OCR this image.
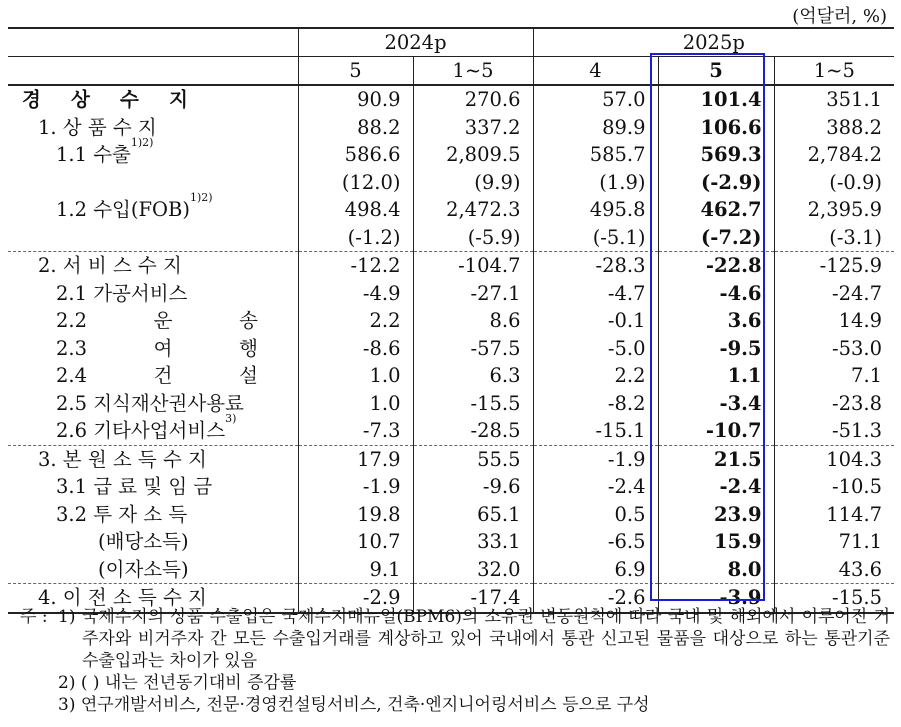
(억달러, %)
	2024p		2025p		
	5	1~5	4	5	1~5
경 상 수 지	90.9	270.6	57.0	101.4	351.1
1. 상 품 수 지	88.2	337.2	89.9	106.6	388.2
1.1 수출$^{1)2)}$	586.6	2,809.5	585.7	569.3	2,784.2
	(12.0)	(9.9)	(1.9)	(-2.9)	(-0.9)
1.2 수입(FOB)$^{1)2)}$	498.4	2,472.3	495.8	462.7	2,395.9
	(-1.2)	(-5.9)	(-5.1)	(-7.2)	(-3.1)
2. 서 비 스 수 지	-12.2	-104.7	-28.3	-22.8	-125.9
2.1 가공서비스	-4.9	-27.1	-4.7	-4.6	-24.7
2.2 운 송	2.2	8.6	-0.1	3.6	14.9
2.3 여 행	-8.6	-57.5	-5.0	-9.5	-53.0
2.4 건 설	1.0	6.3	2.2	1.1	7.1
2.5 지식재산권사용료	1.0	-15.5	-8.2	-3.4	-23.8
2.6 기타사업서비스$^{3)}$	-7.3	-28.5	-15.1	-10.7	-51.3
3. 본 원 소 득 수 지	17.9	55.5	-1.9	21.5	104.3
3.1 급 료 및 임 금	-1.9	-9.6	-2.4	-2.4	-10.5
3.2 투 자 소 득	19.8	65.1	0.5	23.9	114.7
(배당소득)	10.7	33.1	-6.5	15.9	71.1
(이자소득)	9.1	32.0	6.9	8.0	43.6
4. 이 전 소 득 수 지	-2.9	-17.4	-2.6	-3.9	-15.5
주 : 1) 국제수지의 상품 수출입은 국제수지매뉴얼(BPM6)의 소유권 변동원칙에 따라 국내 및 해외에서 이루어진 거주자와 비거주자 간 모든 수출입거래를 계상하고 있어 국내에서 통관 신고된 물품을 대상으로 하는 통관기준 수출입과는 차이가 있음
2) ( ) 내는 전년동기대비 증감률
3) 연구개발서비스, 전문·경영컨설팅서비스, 건축·엔지니어링서비스 등으로 구성
